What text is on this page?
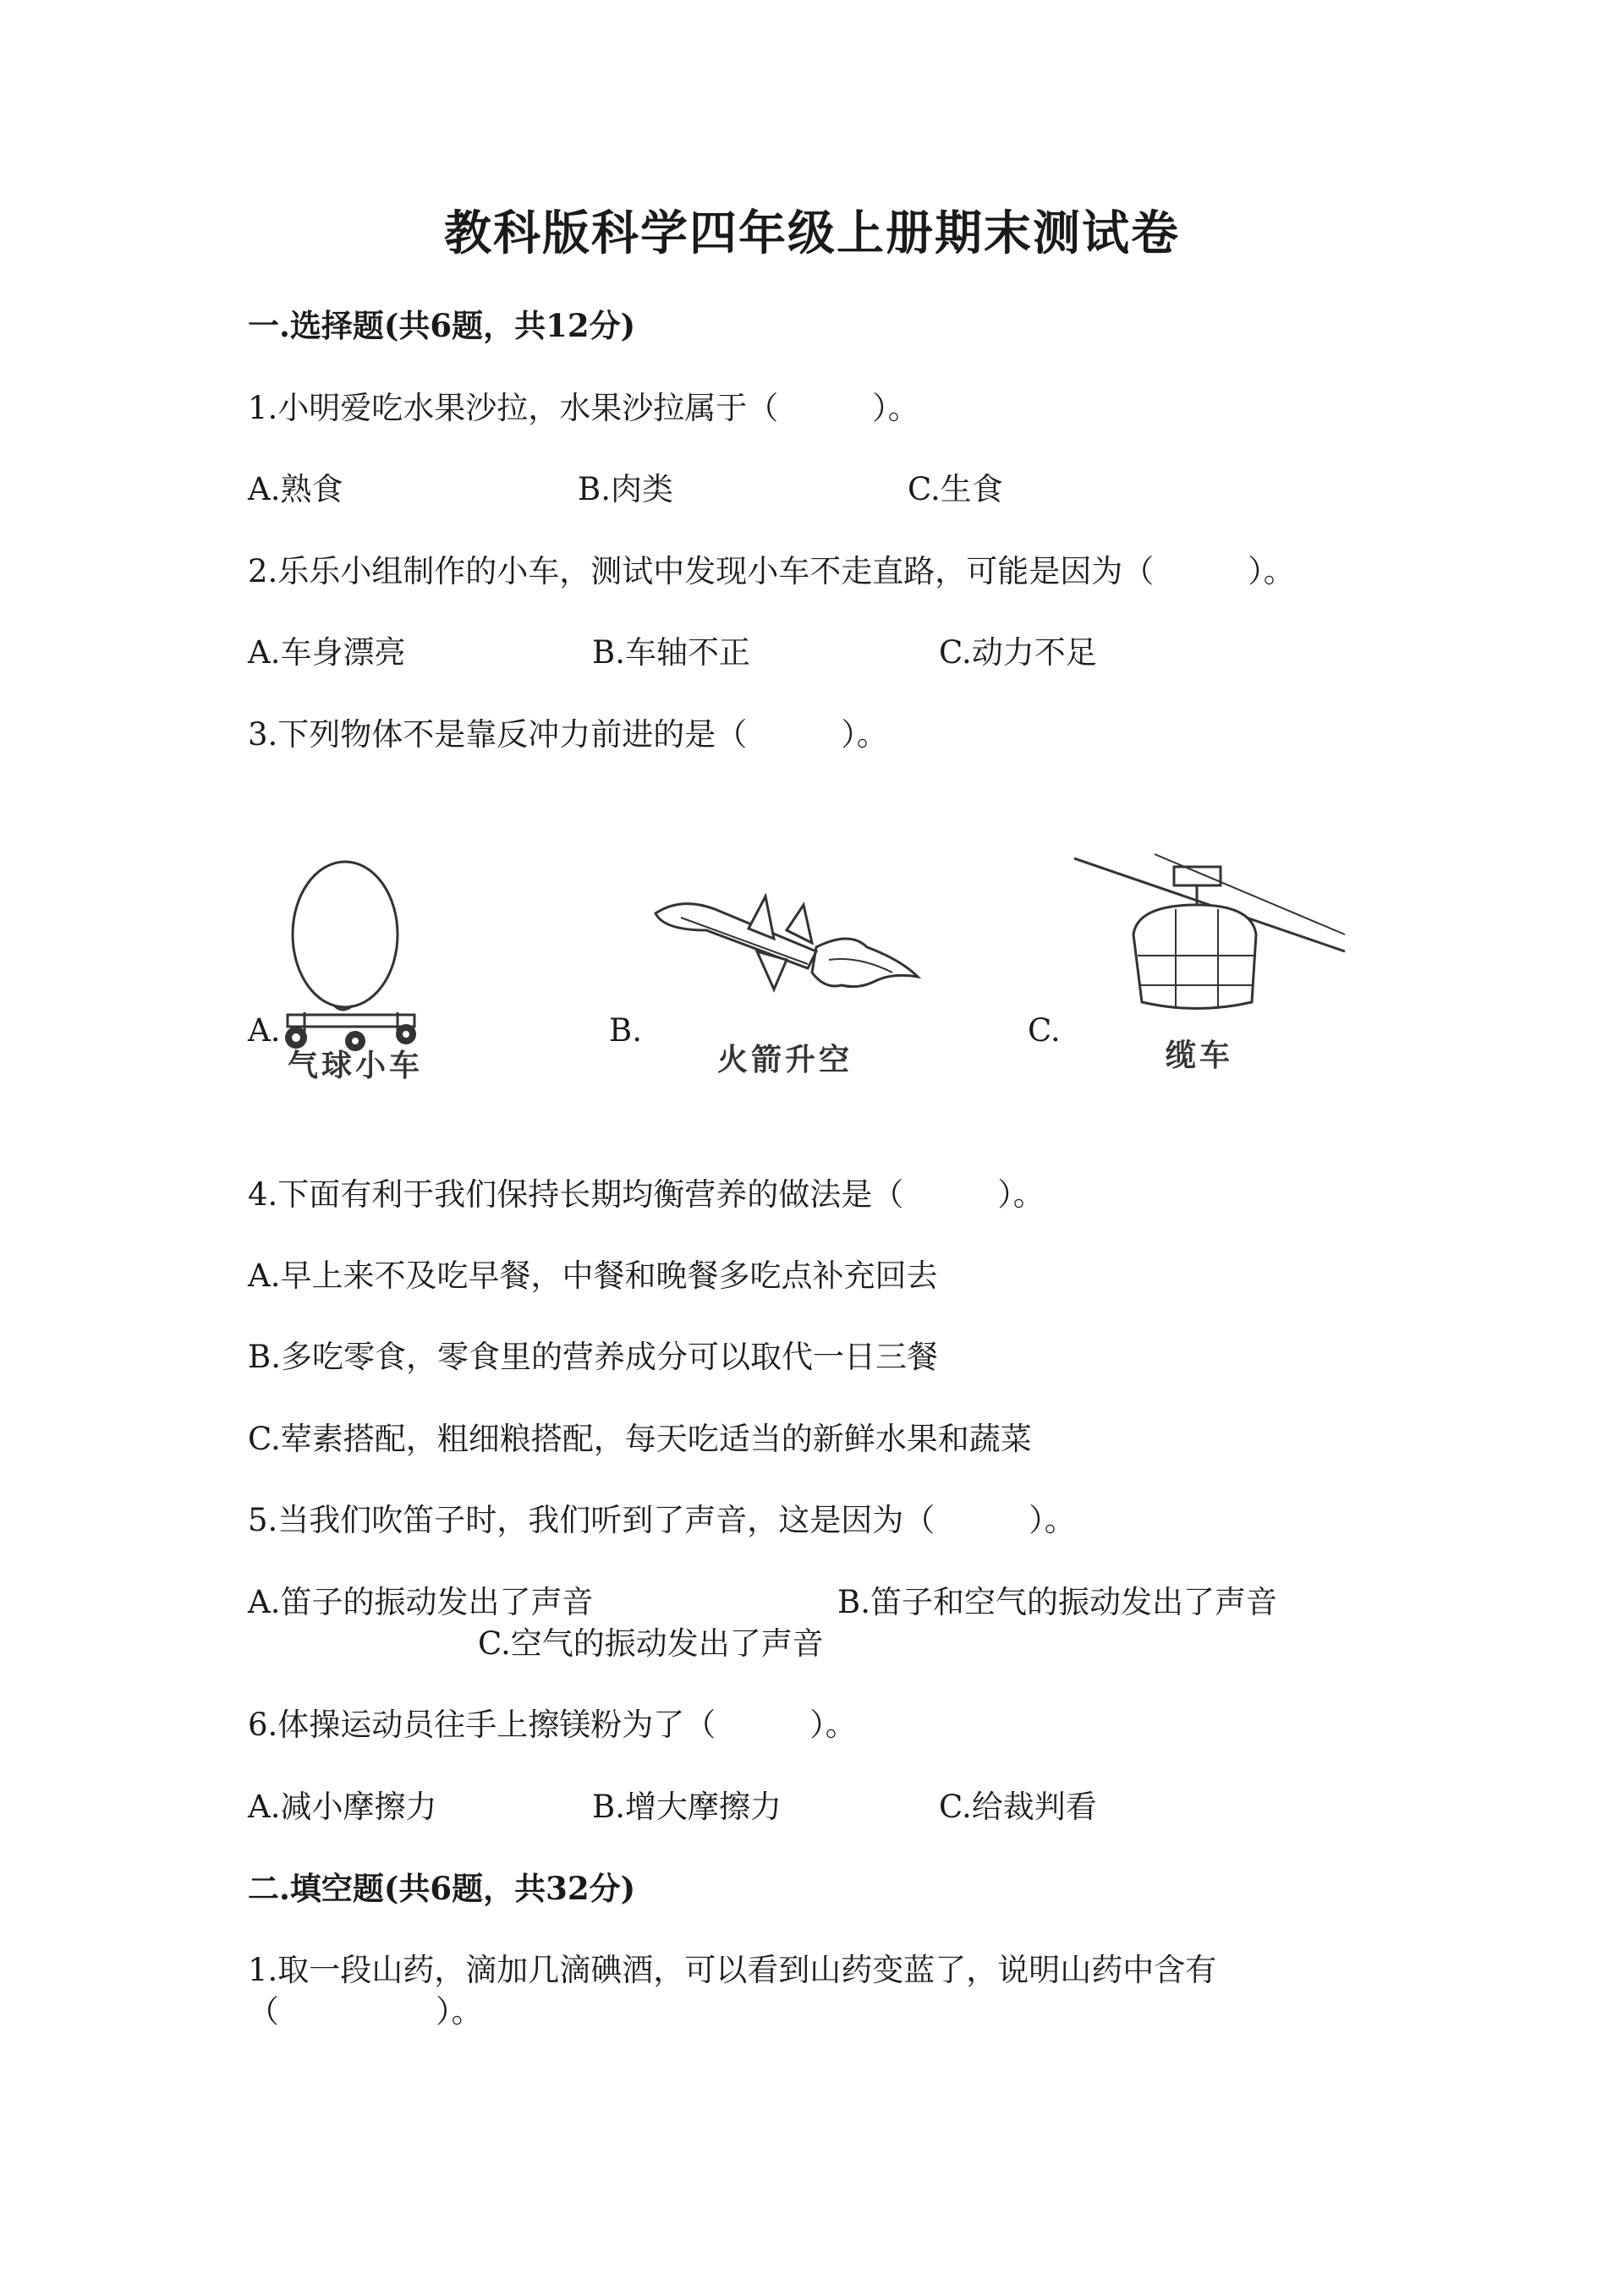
教科版科学四年级上册期末测试卷
一.选择题(共6题，共12分)
1.小明爱吃水果沙拉，水果沙拉属于（　　　）。
A.熟食	B.肉类	C.生食
2.乐乐小组制作的小车，测试中发现小车不走直路，可能是因为（　　　）。
A.车身漂亮	B.车轴不正	C.动力不足
3.下列物体不是靠反冲力前进的是（　　　）。
A.
气球小车
B.
火箭升空
C.
缆车
4.下面有利于我们保持长期均衡营养的做法是（　　　）。
A.早上来不及吃早餐，中餐和晚餐多吃点补充回去
B.多吃零食，零食里的营养成分可以取代一日三餐
C.荤素搭配，粗细粮搭配，每天吃适当的新鲜水果和蔬菜
5.当我们吹笛子时，我们听到了声音，这是因为（　　　）。
A.笛子的振动发出了声音	B.笛子和空气的振动发出了声音
C.空气的振动发出了声音
6.体操运动员往手上擦镁粉为了（　　　）。
A.减小摩擦力	B.增大摩擦力	C.给裁判看
二.填空题(共6题，共32分)
1.取一段山药，滴加几滴碘酒，可以看到山药变蓝了，说明山药中含有
（　　　　　）。
